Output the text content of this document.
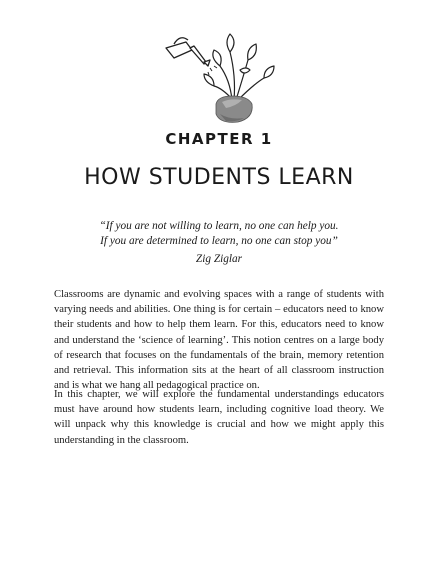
CHAPTER 1
HOW STUDENTS LEARN
“If you are not willing to learn, no one can help you.
If you are determined to learn, no one can stop you”
Zig Ziglar

Classrooms are dynamic and evolving spaces with a range of students with varying needs and abilities. One thing is for certain – educators need to know their students and how to help them learn. For this, educators need to know and understand the ‘science of learning’. This notion centres on a large body of research that focuses on the fundamentals of the brain, memory retention and retrieval. This information sits at the heart of all classroom instruction and is what we hang all pedagogical practice on.

In this chapter, we will explore the fundamental understandings educators must have around how students learn, including cognitive load theory. We will unpack why this knowledge is crucial and how we might apply this understanding in the classroom.
